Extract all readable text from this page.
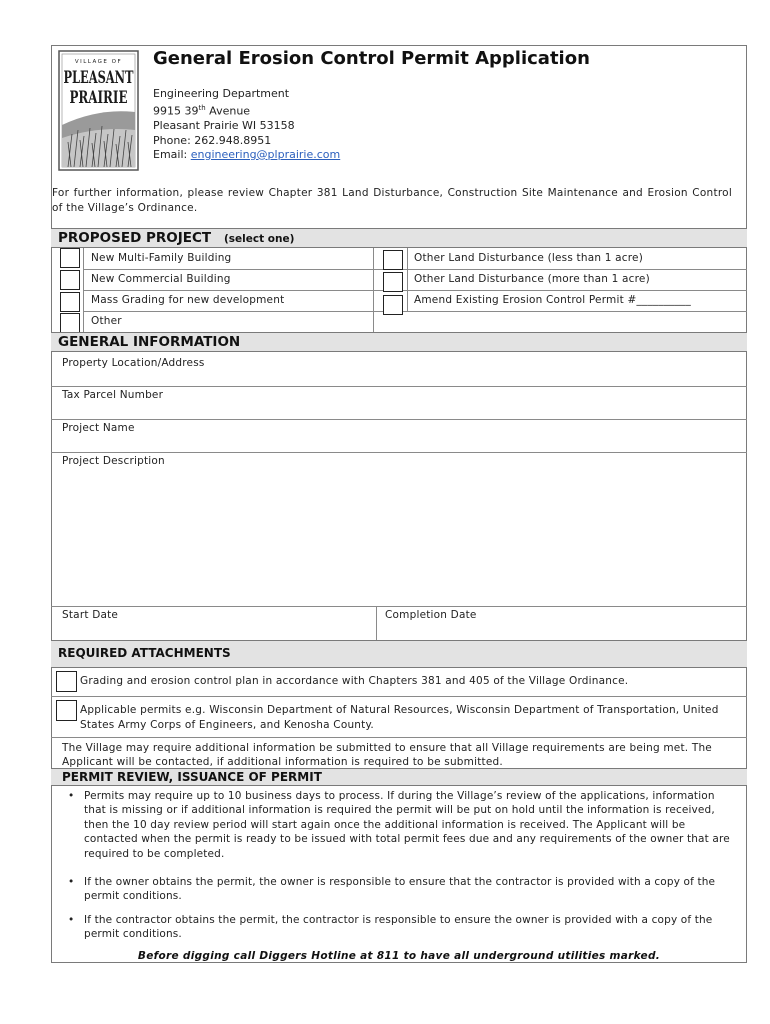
VILLAGE OF
PLEASANT
PRAIRIE
General Erosion Control Permit Application
Engineering Department
9915 39th Avenue
Pleasant Prairie WI 53158
Phone: 262.948.8951
Email: engineering@plprairie.com
For further information, please review Chapter 381 Land Disturbance, Construction Site Maintenance and Erosion Control of the Village’s Ordinance.
PROPOSED PROJECT (select one)
New Multi-Family Building
New Commercial Building
Mass Grading for new development
Other
Other Land Disturbance (less than 1 acre)
Other Land Disturbance (more than 1 acre)
Amend Existing Erosion Control Permit #__________
GENERAL INFORMATION
Property Location/Address
Tax Parcel Number
Project Name
Project Description
Start Date	Completion Date
REQUIRED ATTACHMENTS
Grading and erosion control plan in accordance with Chapters 381 and 405 of the Village Ordinance.
Applicable permits e.g. Wisconsin Department of Natural Resources, Wisconsin Department of Transportation, United States Army Corps of Engineers, and Kenosha County.
The Village may require additional information be submitted to ensure that all Village requirements are being met. The Applicant will be contacted, if additional information is required to be submitted.
PERMIT REVIEW, ISSUANCE OF PERMIT
• Permits may require up to 10 business days to process. If during the Village’s review of the applications, information that is missing or if additional information is required the permit will be put on hold until the information is received, then the 10 day review period will start again once the additional information is received. The Applicant will be contacted when the permit is ready to be issued with total permit fees due and any requirements of the owner that are required to be completed.
• If the owner obtains the permit, the owner is responsible to ensure that the contractor is provided with a copy of the permit conditions.
• If the contractor obtains the permit, the contractor is responsible to ensure the owner is provided with a copy of the permit conditions.
Before digging call Diggers Hotline at 811 to have all underground utilities marked.
